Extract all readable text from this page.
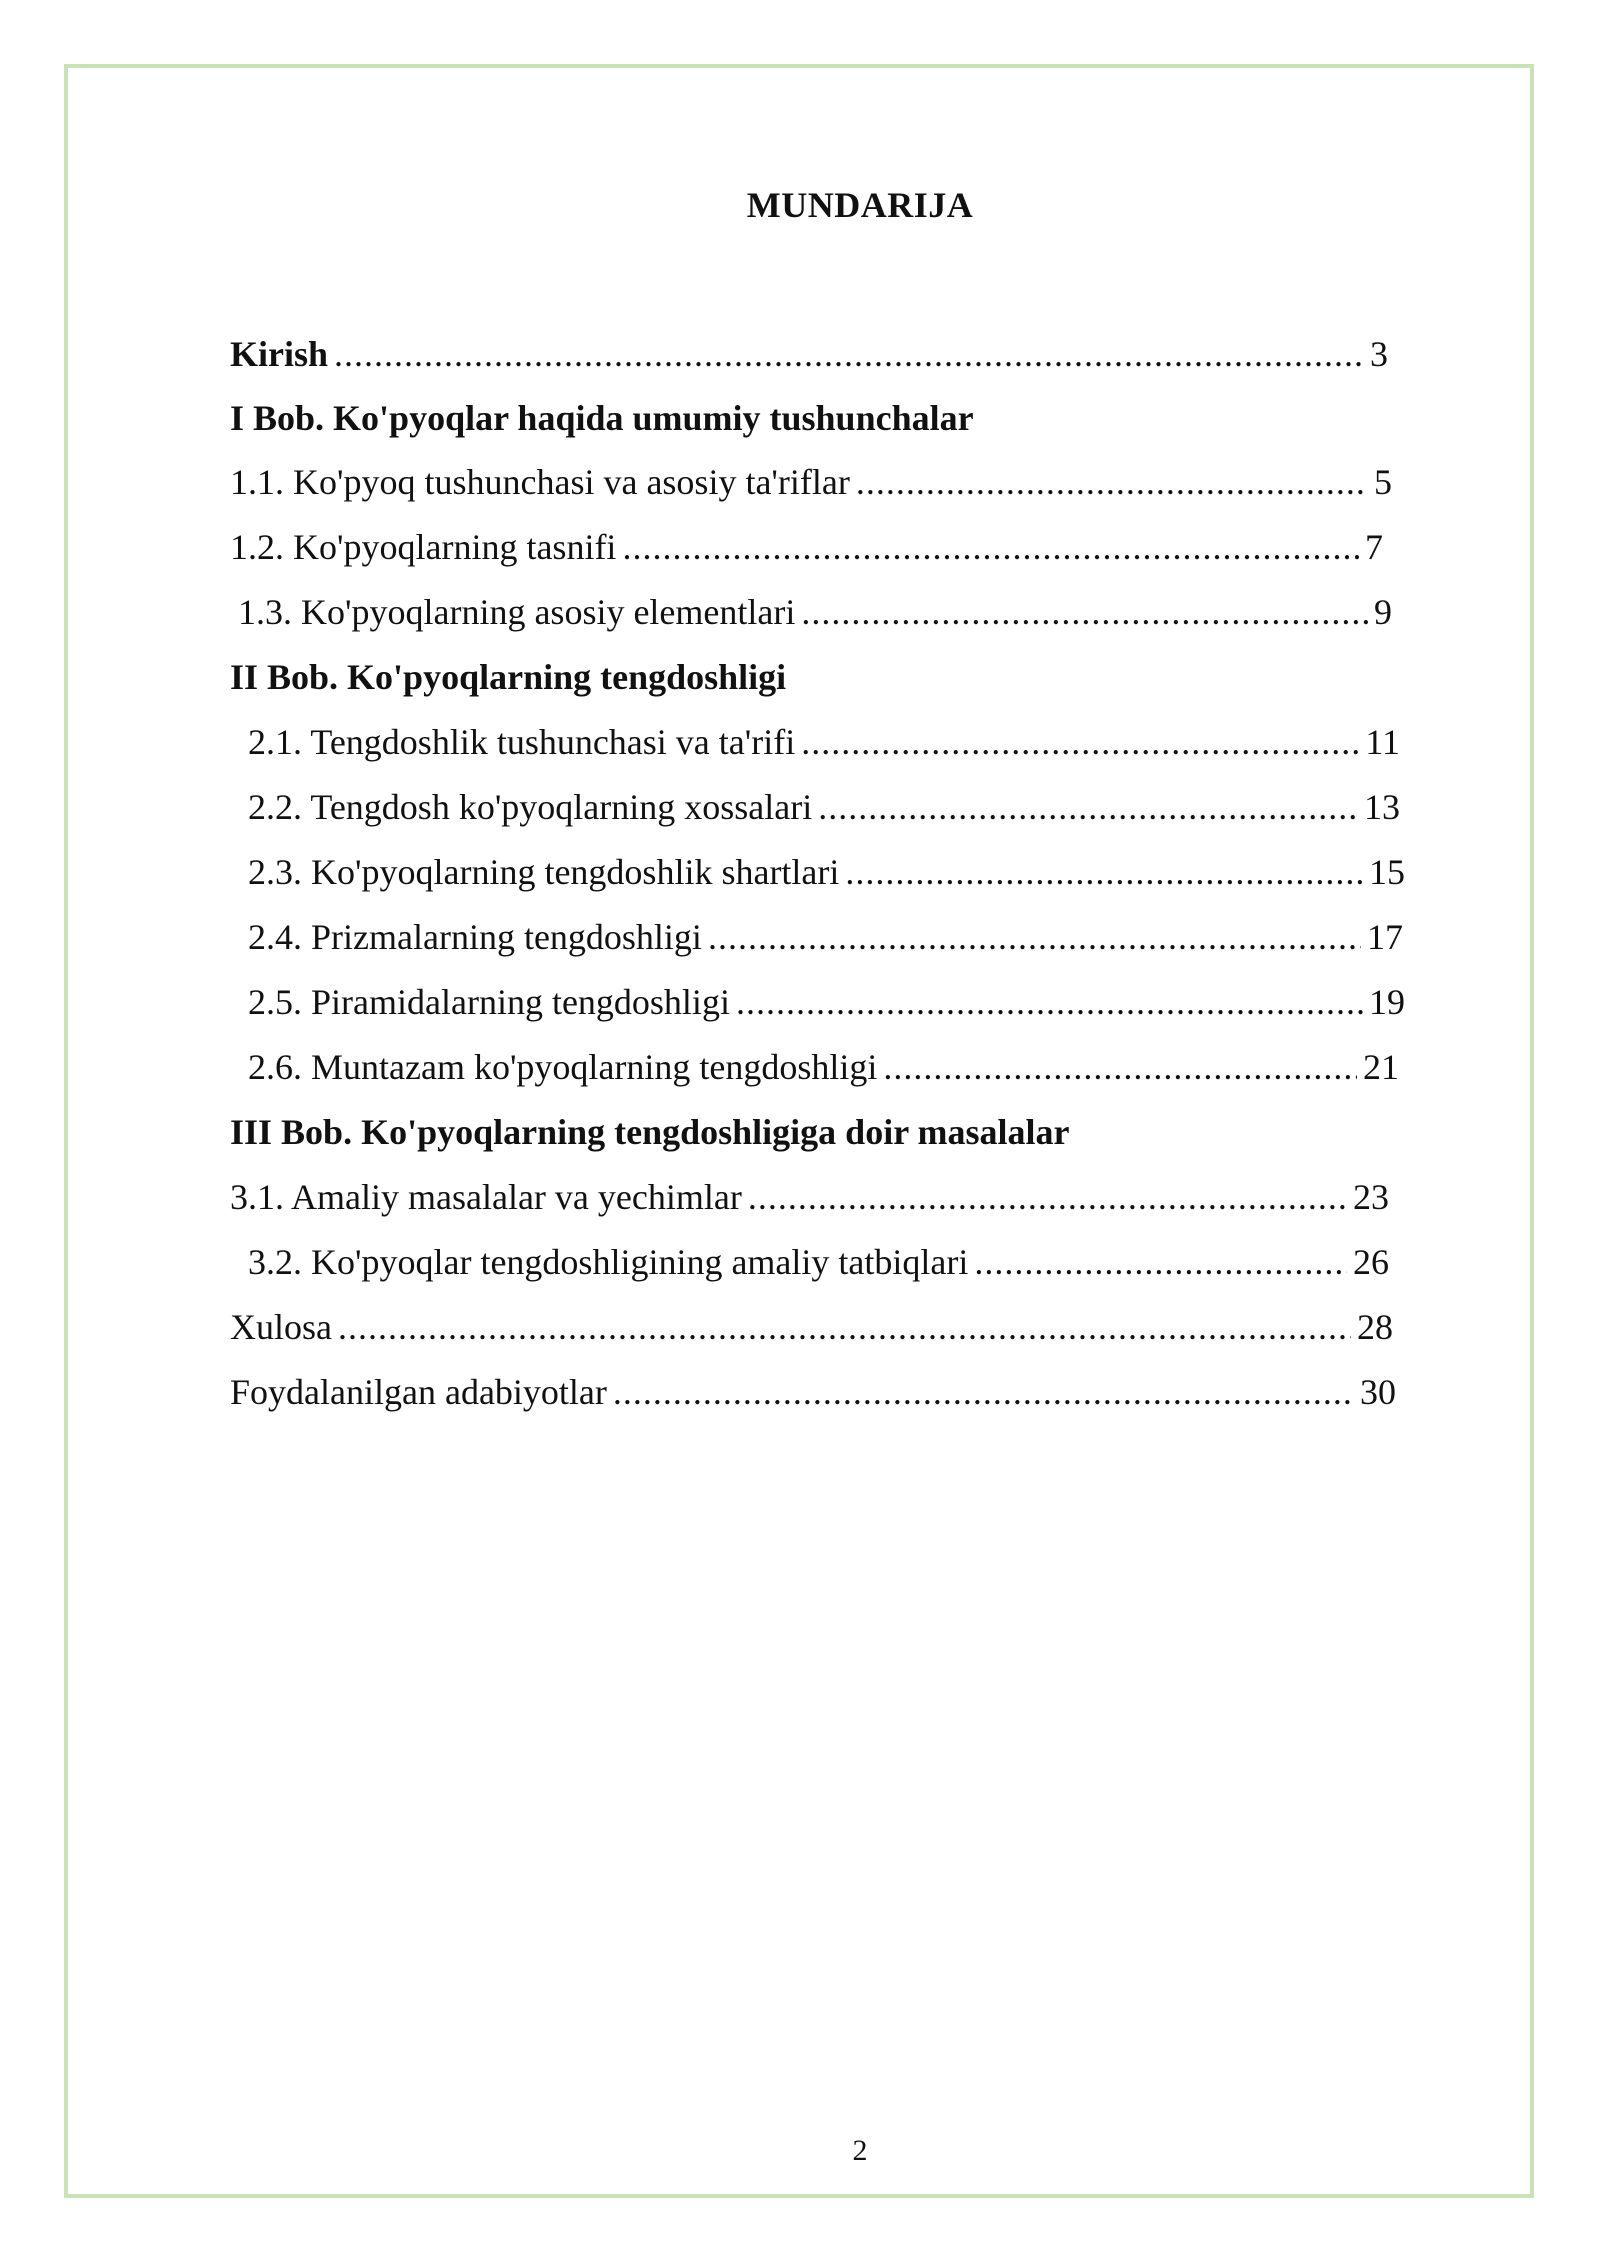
MUNDARIJA
Kirish .....	3
I Bob. Ko'pyoqlar haqida umumiy tushunchalar
1.1. Ko'pyoq tushunchasi va asosiy ta'riflar .....	5
1.2. Ko'pyoqlarning tasnifi .....	7
1.3. Ko'pyoqlarning asosiy elementlari .....	9
II Bob. Ko'pyoqlarning tengdoshligi
2.1. Tengdoshlik tushunchasi va ta'rifi .....	11
2.2. Tengdosh ko'pyoqlarning xossalari .....	13
2.3. Ko'pyoqlarning tengdoshlik shartlari .....	15
2.4. Prizmalarning tengdoshligi .....	17
2.5. Piramidalarning tengdoshligi .....	19
2.6. Muntazam ko'pyoqlarning tengdoshligi .....	21
III Bob. Ko'pyoqlarning tengdoshligiga doir masalalar
3.1. Amaliy masalalar va yechimlar .....	23
3.2. Ko'pyoqlar tengdoshligining amaliy tatbiqlari .....	26
Xulosa .....	28
Foydalanilgan adabiyotlar .....	30
2
